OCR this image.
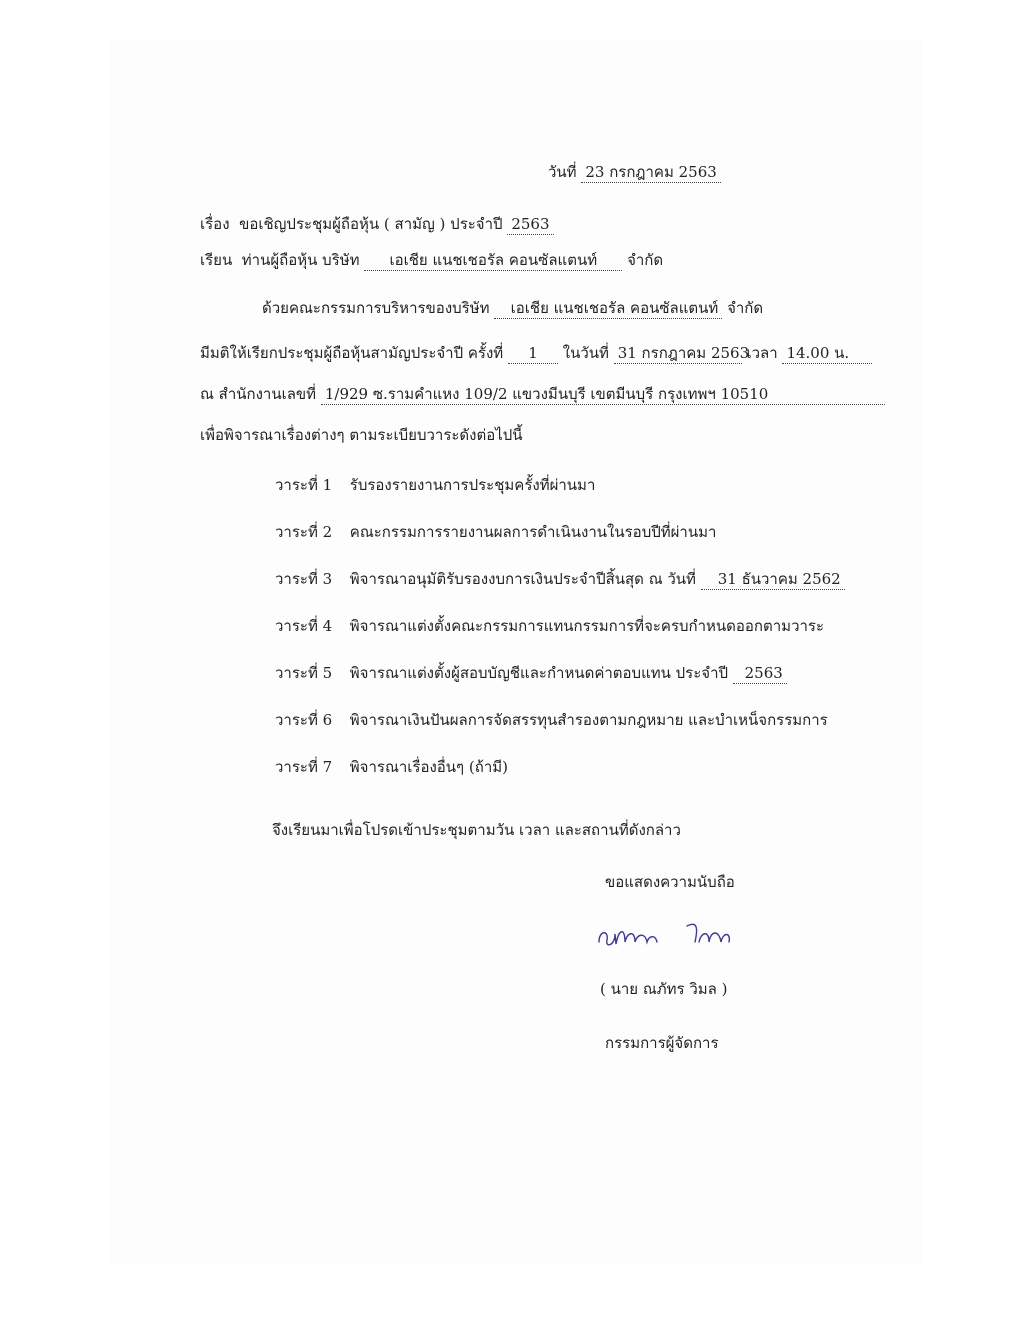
วันที่ 23 กรกฎาคม 2563
เรื่อง ขอเชิญประชุมผู้ถือหุ้น ( สามัญ ) ประจำปี 2563
เรียน ท่านผู้ถือหุ้น บริษัท เอเชีย แนชเชอรัล คอนซัลแตนท์ จำกัด
ด้วยคณะกรรมการบริหารของบริษัท เอเชีย แนชเชอรัล คอนซัลแตนท์ จำกัด
มีมติให้เรียกประชุมผู้ถือหุ้นสามัญประจำปี ครั้งที่ 1 ในวันที่ 31 กรกฎาคม 2563 เวลา 14.00 น.
ณ สำนักงานเลขที่ 1/929 ซ.รามคำแหง 109/2 แขวงมีนบุรี เขตมีนบุรี กรุงเทพฯ 10510
เพื่อพิจารณาเรื่องต่างๆ ตามระเบียบวาระดังต่อไปนี้
วาระที่ 1 รับรองรายงานการประชุมครั้งที่ผ่านมา
วาระที่ 2 คณะกรรมการรายงานผลการดำเนินงานในรอบปีที่ผ่านมา
วาระที่ 3 พิจารณาอนุมัติรับรองงบการเงินประจำปีสิ้นสุด ณ วันที่ 31 ธันวาคม 2562
วาระที่ 4 พิจารณาแต่งตั้งคณะกรรมการแทนกรรมการที่จะครบกำหนดออกตามวาระ
วาระที่ 5 พิจารณาแต่งตั้งผู้สอบบัญชีและกำหนดค่าตอบแทน ประจำปี 2563
วาระที่ 6 พิจารณาเงินปันผลการจัดสรรทุนสำรองตามกฎหมาย และบำเหน็จกรรมการ
วาระที่ 7 พิจารณาเรื่องอื่นๆ (ถ้ามี)
จึงเรียนมาเพื่อโปรดเข้าประชุมตามวัน เวลา และสถานที่ดังกล่าว
ขอแสดงความนับถือ
( นาย ณภัทร วิมล )
กรรมการผู้จัดการ
